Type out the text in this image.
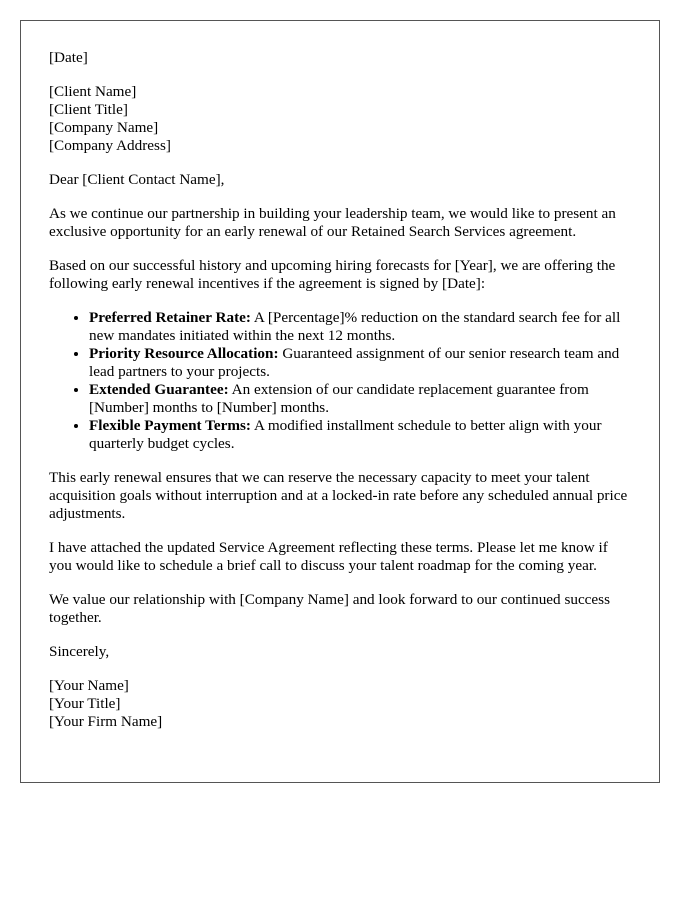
[Date]
[Client Name]
[Client Title]
[Company Name]
[Company Address]

Dear [Client Contact Name],

As we continue our partnership in building your leadership team, we would like to present an exclusive opportunity for an early renewal of our Retained Search Services agreement.

Based on our successful history and upcoming hiring forecasts for [Year], we are offering the following early renewal incentives if the agreement is signed by [Date]:

• Preferred Retainer Rate: A [Percentage]% reduction on the standard search fee for all new mandates initiated within the next 12 months.
• Priority Resource Allocation: Guaranteed assignment of our senior research team and lead partners to your projects.
• Extended Guarantee: An extension of our candidate replacement guarantee from [Number] months to [Number] months.
• Flexible Payment Terms: A modified installment schedule to better align with your quarterly budget cycles.

This early renewal ensures that we can reserve the necessary capacity to meet your talent acquisition goals without interruption and at a locked-in rate before any scheduled annual price adjustments.

I have attached the updated Service Agreement reflecting these terms. Please let me know if you would like to schedule a brief call to discuss your talent roadmap for the coming year.

We value our relationship with [Company Name] and look forward to our continued success together.

Sincerely,

[Your Name]
[Your Title]
[Your Firm Name]
